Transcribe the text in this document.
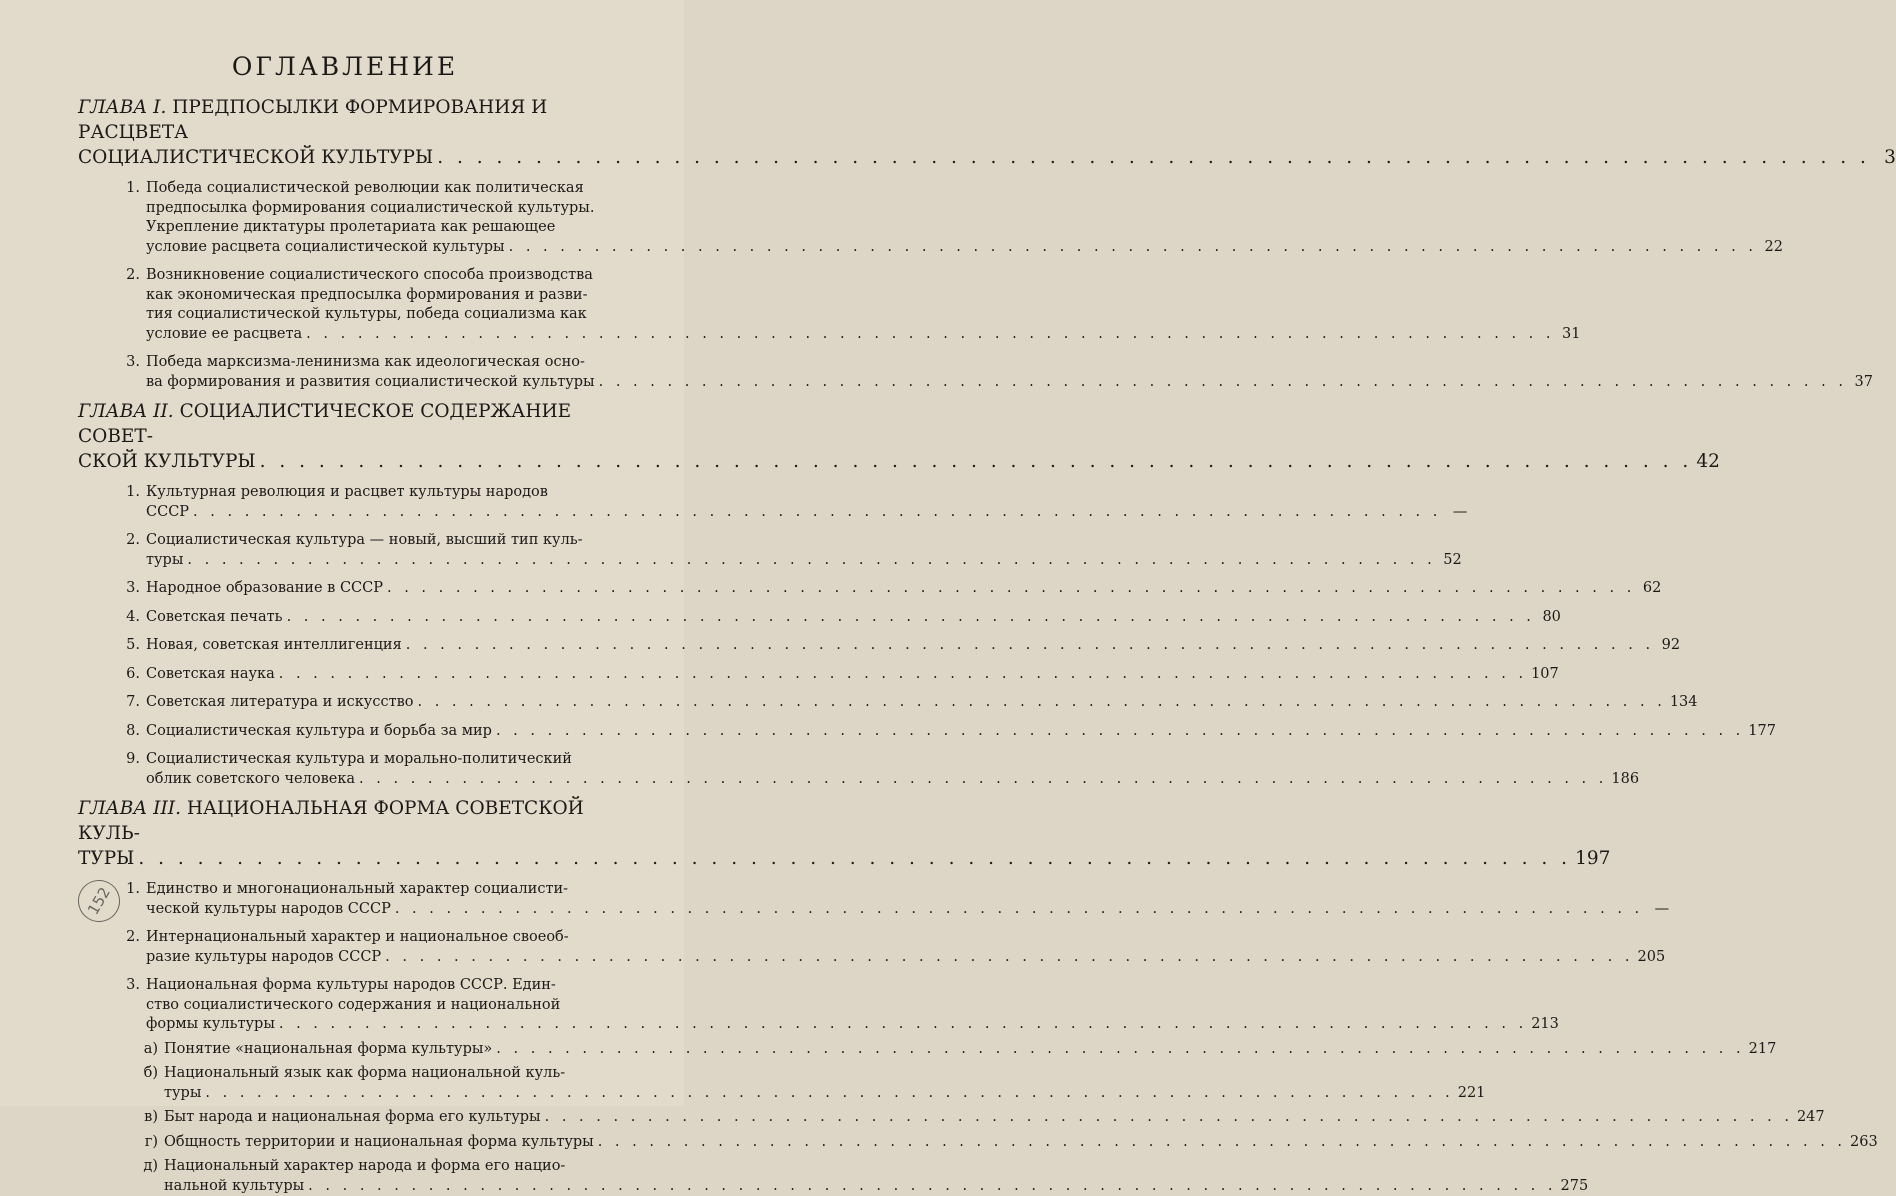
152
ОГЛАВЛЕНИЕ
ГЛАВА I. ПРЕДПОСЫЛКИ ФОРМИРОВАНИЯ И РАСЦВЕТА
СОЦИАЛИСТИЧЕСКОЙ КУЛЬТУРЫ . . .	3
1. Победа социалистической революции как политическая
предпосылка формирования социалистической культуры.
Укрепление диктатуры пролетариата как решающее
условие расцвета социалистической культуры . . .	22
2. Возникновение социалистического способа производства
как экономическая предпосылка формирования и разви-
тия социалистической культуры, победа социализма как
условие ее расцвета . . .	31
3. Победа марксизма-ленинизма как идеологическая осно-
ва формирования и развития социалистической культуры . . .	37
ГЛАВА II. СОЦИАЛИСТИЧЕСКОЕ СОДЕРЖАНИЕ СОВЕТ-
СКОЙ КУЛЬТУРЫ . . .	42
1. Культурная революция и расцвет культуры народов
СССР . . .	—
2. Социалистическая культура — новый, высший тип куль-
туры . . .	52
3. Народное образование в СССР . . .	62
4. Советская печать . . .	80
5. Новая, советская интеллигенция . . .	92
6. Советская наука . . .	107
7. Советская литература и искусство . . .	134
8. Социалистическая культура и борьба за мир . . .	177
9. Социалистическая культура и морально-политический
облик советского человека . . .	186
ГЛАВА III. НАЦИОНАЛЬНАЯ ФОРМА СОВЕТСКОЙ КУЛЬ-
ТУРЫ . . .	197
1. Единство и многонациональный характер социалисти-
ческой культуры народов СССР . . .	—
2. Интернациональный характер и национальное своеоб-
разие культуры народов СССР . . .	205
3. Национальная форма культуры народов СССР. Един-
ство социалистического содержания и национальной
формы культуры . . .	213
а) Понятие «национальная форма культуры» . . .	217
б) Национальный язык как форма национальной куль-
туры . . .	221
в) Быт народа и национальная форма его культуры . . .	247
г) Общность территории и национальная форма культуры . . .	263
д) Национальный характер народа и форма его нацио-
нальной культуры . . .	275
